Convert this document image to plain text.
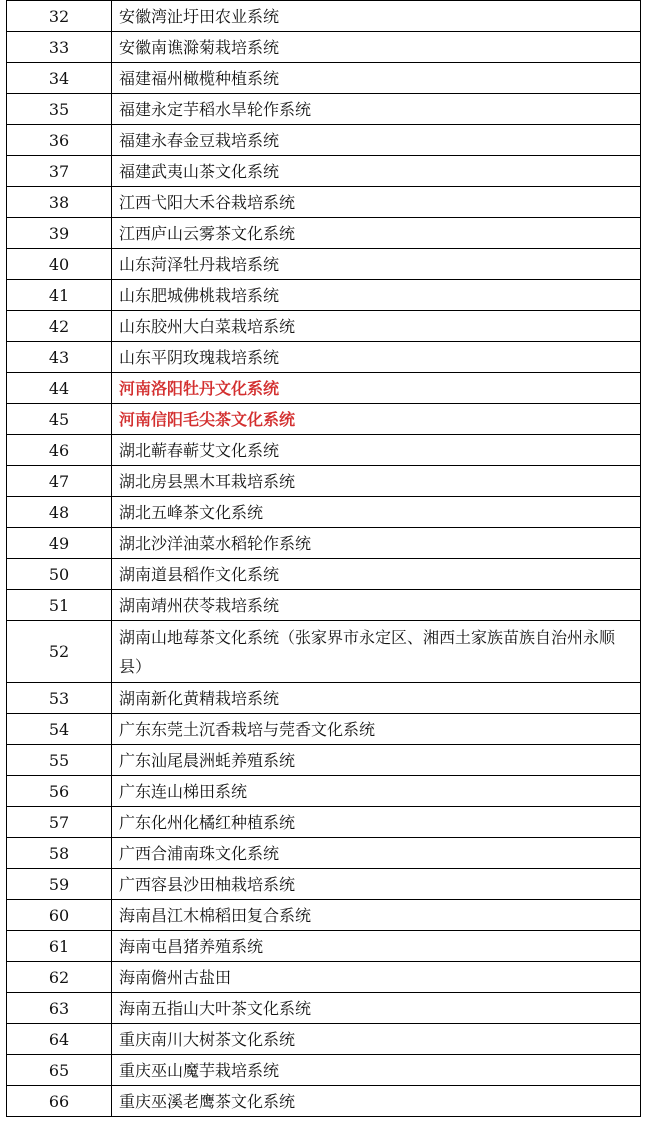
32	安徽湾沚圩田农业系统
33	安徽南谯滁菊栽培系统
34	福建福州橄榄种植系统
35	福建永定芋稻水旱轮作系统
36	福建永春金豆栽培系统
37	福建武夷山茶文化系统
38	江西弋阳大禾谷栽培系统
39	江西庐山云雾茶文化系统
40	山东菏泽牡丹栽培系统
41	山东肥城佛桃栽培系统
42	山东胶州大白菜栽培系统
43	山东平阴玫瑰栽培系统
44	河南洛阳牡丹文化系统
45	河南信阳毛尖茶文化系统
46	湖北蕲春蕲艾文化系统
47	湖北房县黑木耳栽培系统
48	湖北五峰茶文化系统
49	湖北沙洋油菜水稻轮作系统
50	湖南道县稻作文化系统
51	湖南靖州茯苓栽培系统
52	湖南山地莓茶文化系统（张家界市永定区、湘西土家族苗族自治州永顺县）
53	湖南新化黄精栽培系统
54	广东东莞土沉香栽培与莞香文化系统
55	广东汕尾晨洲蚝养殖系统
56	广东连山梯田系统
57	广东化州化橘红种植系统
58	广西合浦南珠文化系统
59	广西容县沙田柚栽培系统
60	海南昌江木棉稻田复合系统
61	海南屯昌猪养殖系统
62	海南儋州古盐田
63	海南五指山大叶茶文化系统
64	重庆南川大树茶文化系统
65	重庆巫山魔芋栽培系统
66	重庆巫溪老鹰茶文化系统
